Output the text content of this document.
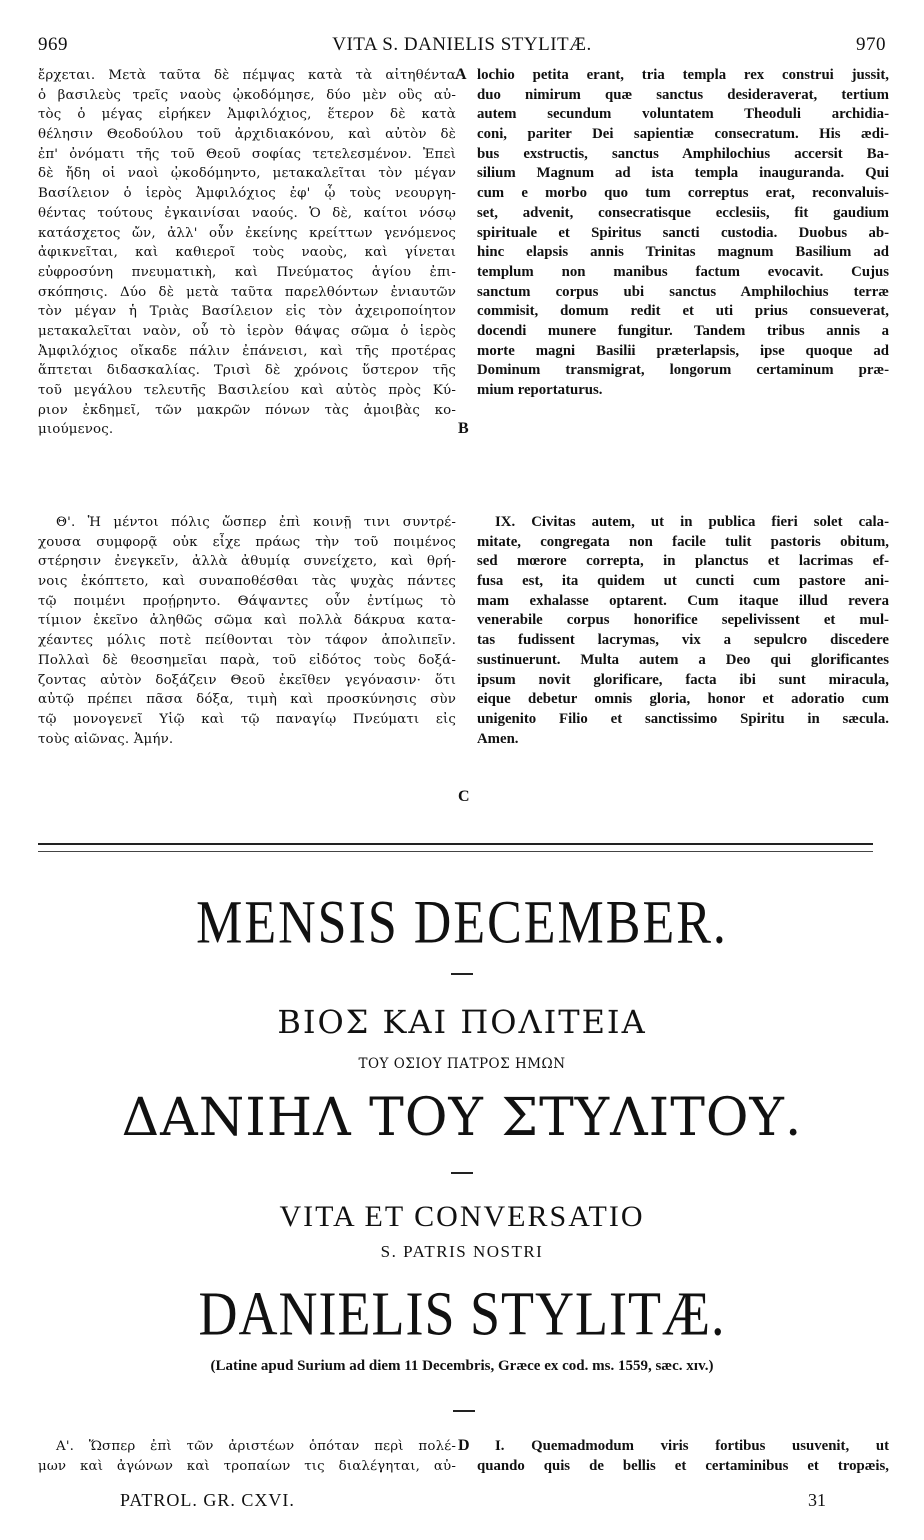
969	VITA S. DANIELIS STYLITÆ.	970
ἔρχεται. Μετὰ ταῦτα δὲ πέμψας κατὰ τὰ αἰτηθέντα
ὁ βασιλεὺς τρεῖς ναοὺς ᾠκοδόμησε, δύο μὲν οὓς αὐ-
τὸς ὁ μέγας εἰρήκεν Ἀμφιλόχιος, ἕτερον δὲ κατὰ
θέλησιν Θεοδούλου τοῦ ἀρχιδιακόνου, καὶ αὐτὸν δὲ
ἐπ' ὀνόματι τῆς τοῦ Θεοῦ σοφίας τετελεσμένον. Ἐπεὶ
δὲ ἤδη οἱ ναοὶ ᾠκοδόμηντο, μετακαλεῖται τὸν μέγαν
Βασίλειον ὁ ἱερὸς Ἀμφιλόχιος ἐφ' ᾧ τοὺς νεουργη-
θέντας τούτους ἐγκαινίσαι ναούς. Ὁ δὲ, καίτοι νόσῳ
κατάσχετος ὤν, ἀλλ' οὖν ἐκείνης κρείττων γενόμενος
ἀφικνεῖται, καὶ καθιεροῖ τοὺς ναοὺς, καὶ γίνεται
εὐφροσύνη πνευματικὴ, καὶ Πνεύματος ἁγίου ἐπι-
σκόπησις. Δύο δὲ μετὰ ταῦτα παρελθόντων ἐνιαυτῶν
τὸν μέγαν ἡ Τριὰς Βασίλειον εἰς τὸν ἀχειροποίητον
μετακαλεῖται ναὸν, οὗ τὸ ἱερὸν θάψας σῶμα ὁ ἱερὸς
Ἀμφιλόχιος οἴκαδε πάλιν ἐπάνεισι, καὶ τῆς προτέρας
ἅπτεται διδασκαλίας. Τρισὶ δὲ χρόνοις ὕστερον τῆς
τοῦ μεγάλου τελευτῆς Βασιλείου καὶ αὐτὸς πρὸς Κύ-
ριον ἐκδημεῖ, τῶν μακρῶν πόνων τὰς ἀμοιβὰς κο-
μιούμενος.
lochio petita erant, tria templa rex construi jussit,
duo nimirum quæ sanctus desideraverat, tertium
autem secundum voluntatem Theoduli archidia-
coni, pariter Dei sapientiæ consecratum. His ædi-
bus exstructis, sanctus Amphilochius accersit Ba-
silium Magnum ad ista templa inauguranda. Qui
cum e morbo quo tum correptus erat, reconvaluis-
set, advenit, consecratisque ecclesiis, fit gaudium
spirituale et Spiritus sancti custodia. Duobus ab-
hinc elapsis annis Trinitas magnum Basilium ad
templum non manibus factum evocavit. Cujus
sanctum corpus ubi sanctus Amphilochius terræ
commisit, domum redit et uti prius consueverat,
docendi munere fungitur. Tandem tribus annis a
morte magni Basilii præterlapsis, ipse quoque ad
Dominum transmigrat, longorum certaminum præ-
mium reportaturus.
A
B
C
Θ'. Ἡ μέντοι πόλις ὥσπερ ἐπὶ κοινῇ τινι συντρέ-
χουσα συμφορᾷ οὐκ εἶχε πράως τὴν τοῦ ποιμένος
στέρησιν ἐνεγκεῖν, ἀλλὰ ἀθυμίᾳ συνείχετο, καὶ θρή-
νοις ἐκόπτετο, καὶ συναποθέσθαι τὰς ψυχὰς πάντες
τῷ ποιμένι προῄρηντο. Θάψαντες οὖν ἐντίμως τὸ
τίμιον ἐκεῖνο ἀληθῶς σῶμα καὶ πολλὰ δάκρυα κατα-
χέαντες μόλις ποτὲ πείθονται τὸν τάφον ἀπολιπεῖν.
Πολλαὶ δὲ θεοσημεῖαι παρὰ, τοῦ εἰδότος τοὺς δοξά-
ζοντας αὐτὸν δοξάζειν Θεοῦ ἐκεῖθεν γεγόνασιν· ὅτι
αὐτῷ πρέπει πᾶσα δόξα, τιμὴ καὶ προσκύνησις σὺν
τῷ μονογενεῖ Υἱῷ καὶ τῷ παναγίῳ Πνεύματι εἰς
τοὺς αἰῶνας. Ἀμήν.
IX. Civitas autem, ut in publica fieri solet cala-
mitate, congregata non facile tulit pastoris obitum,
sed mœrore correpta, in planctus et lacrimas ef-
fusa est, ita quidem ut cuncti cum pastore ani-
mam exhalasse optarent. Cum itaque illud revera
venerabile corpus honorifice sepelivissent et mul-
tas fudissent lacrymas, vix a sepulcro discedere
sustinuerunt. Multa autem a Deo qui glorificantes
ipsum novit glorificare, facta ibi sunt miracula,
eique debetur omnis gloria, honor et adoratio cum
unigenito Filio et sanctissimo Spiritu in sæcula.
Amen.
MENSIS DECEMBER.
ΒΙΟΣ ΚΑΙ ΠΟΛΙΤΕΙΑ
ΤΟΥ ΟΣΙΟΥ ΠΑΤΡΟΣ ΗΜΩΝ
ΔΑΝΙΗΛ ΤΟΥ ΣΤΥΛΙΤΟΥ.
VITA ET CONVERSATIO
S. PATRIS NOSTRI
DANIELIS STYLITÆ.
(Latine apud Surium ad diem 11 Decembris, Græce ex cod. ms. 1559, sæc. xɪv.)
Α'. Ὥσπερ ἐπὶ τῶν ἀριστέων ὁπόταν περὶ πολέ-
μων καὶ ἀγώνων καὶ τροπαίων τις διαλέγηται, αὐ-
I. Quemadmodum viris fortibus usuvenit, ut
quando quis de bellis et certaminibus et tropæis,
D
PATROL. GR. CXVI.	31
